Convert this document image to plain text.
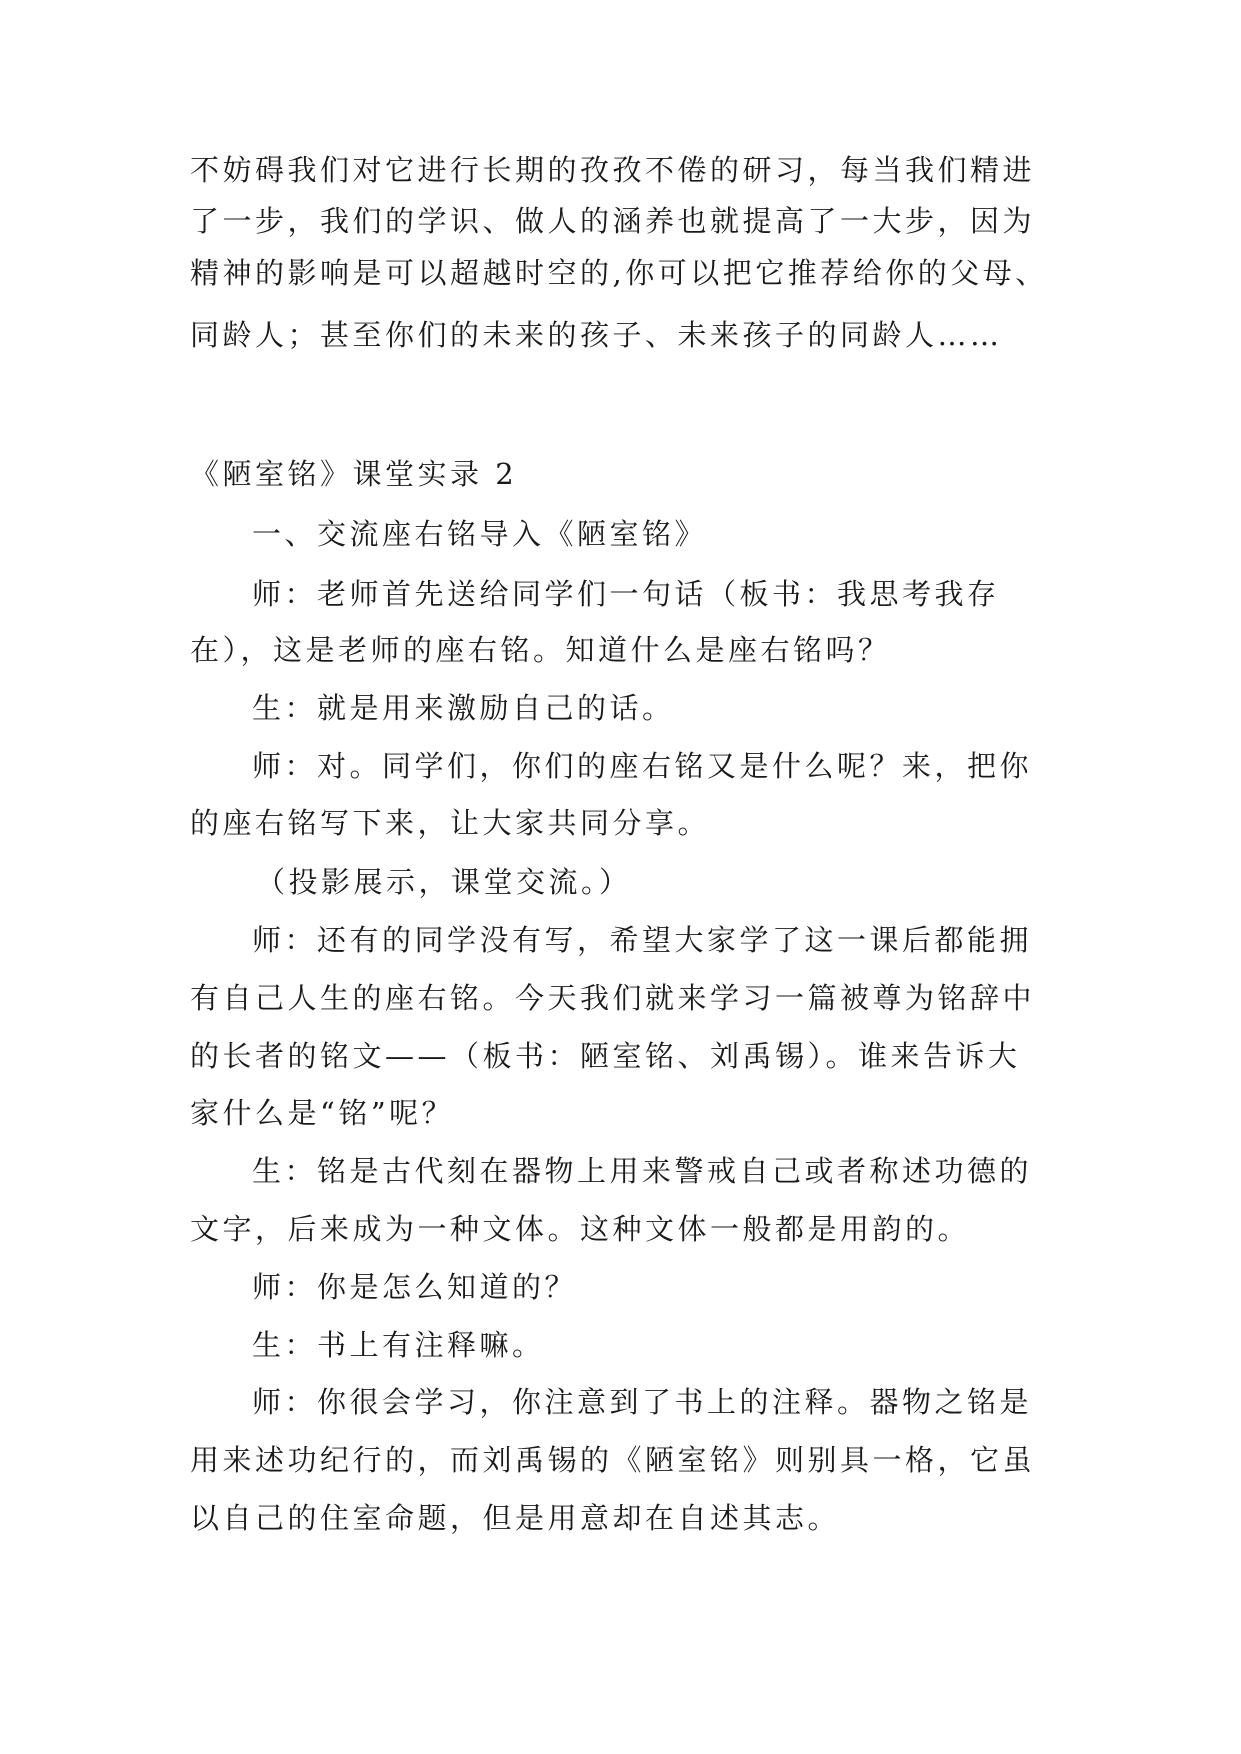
不妨碍我们对它进行长期的孜孜不倦的研习，每当我们精进
了一步，我们的学识、做人的涵养也就提高了一大步，因为
精神的影响是可以超越时空的,你可以把它推荐给你的父母、
同龄人；甚至你们的未来的孩子、未来孩子的同龄人……
《陋室铭》课堂实录 2
一、交流座右铭导入《陋室铭》
师：老师首先送给同学们一句话（板书：我思考我存
在），这是老师的座右铭。知道什么是座右铭吗？
生：就是用来激励自己的话。
师：对。同学们，你们的座右铭又是什么呢？来，把你
的座右铭写下来，让大家共同分享。
（投影展示，课堂交流。）
师：还有的同学没有写，希望大家学了这一课后都能拥
有自己人生的座右铭。今天我们就来学习一篇被尊为铭辞中
的长者的铭文——（板书：陋室铭、刘禹锡）。谁来告诉大
家什么是“铭”呢？
生：铭是古代刻在器物上用来警戒自己或者称述功德的
文字，后来成为一种文体。这种文体一般都是用韵的。
师：你是怎么知道的？
生：书上有注释嘛。
师：你很会学习，你注意到了书上的注释。器物之铭是
用来述功纪行的，而刘禹锡的《陋室铭》则别具一格，它虽
以自己的住室命题，但是用意却在自述其志。
